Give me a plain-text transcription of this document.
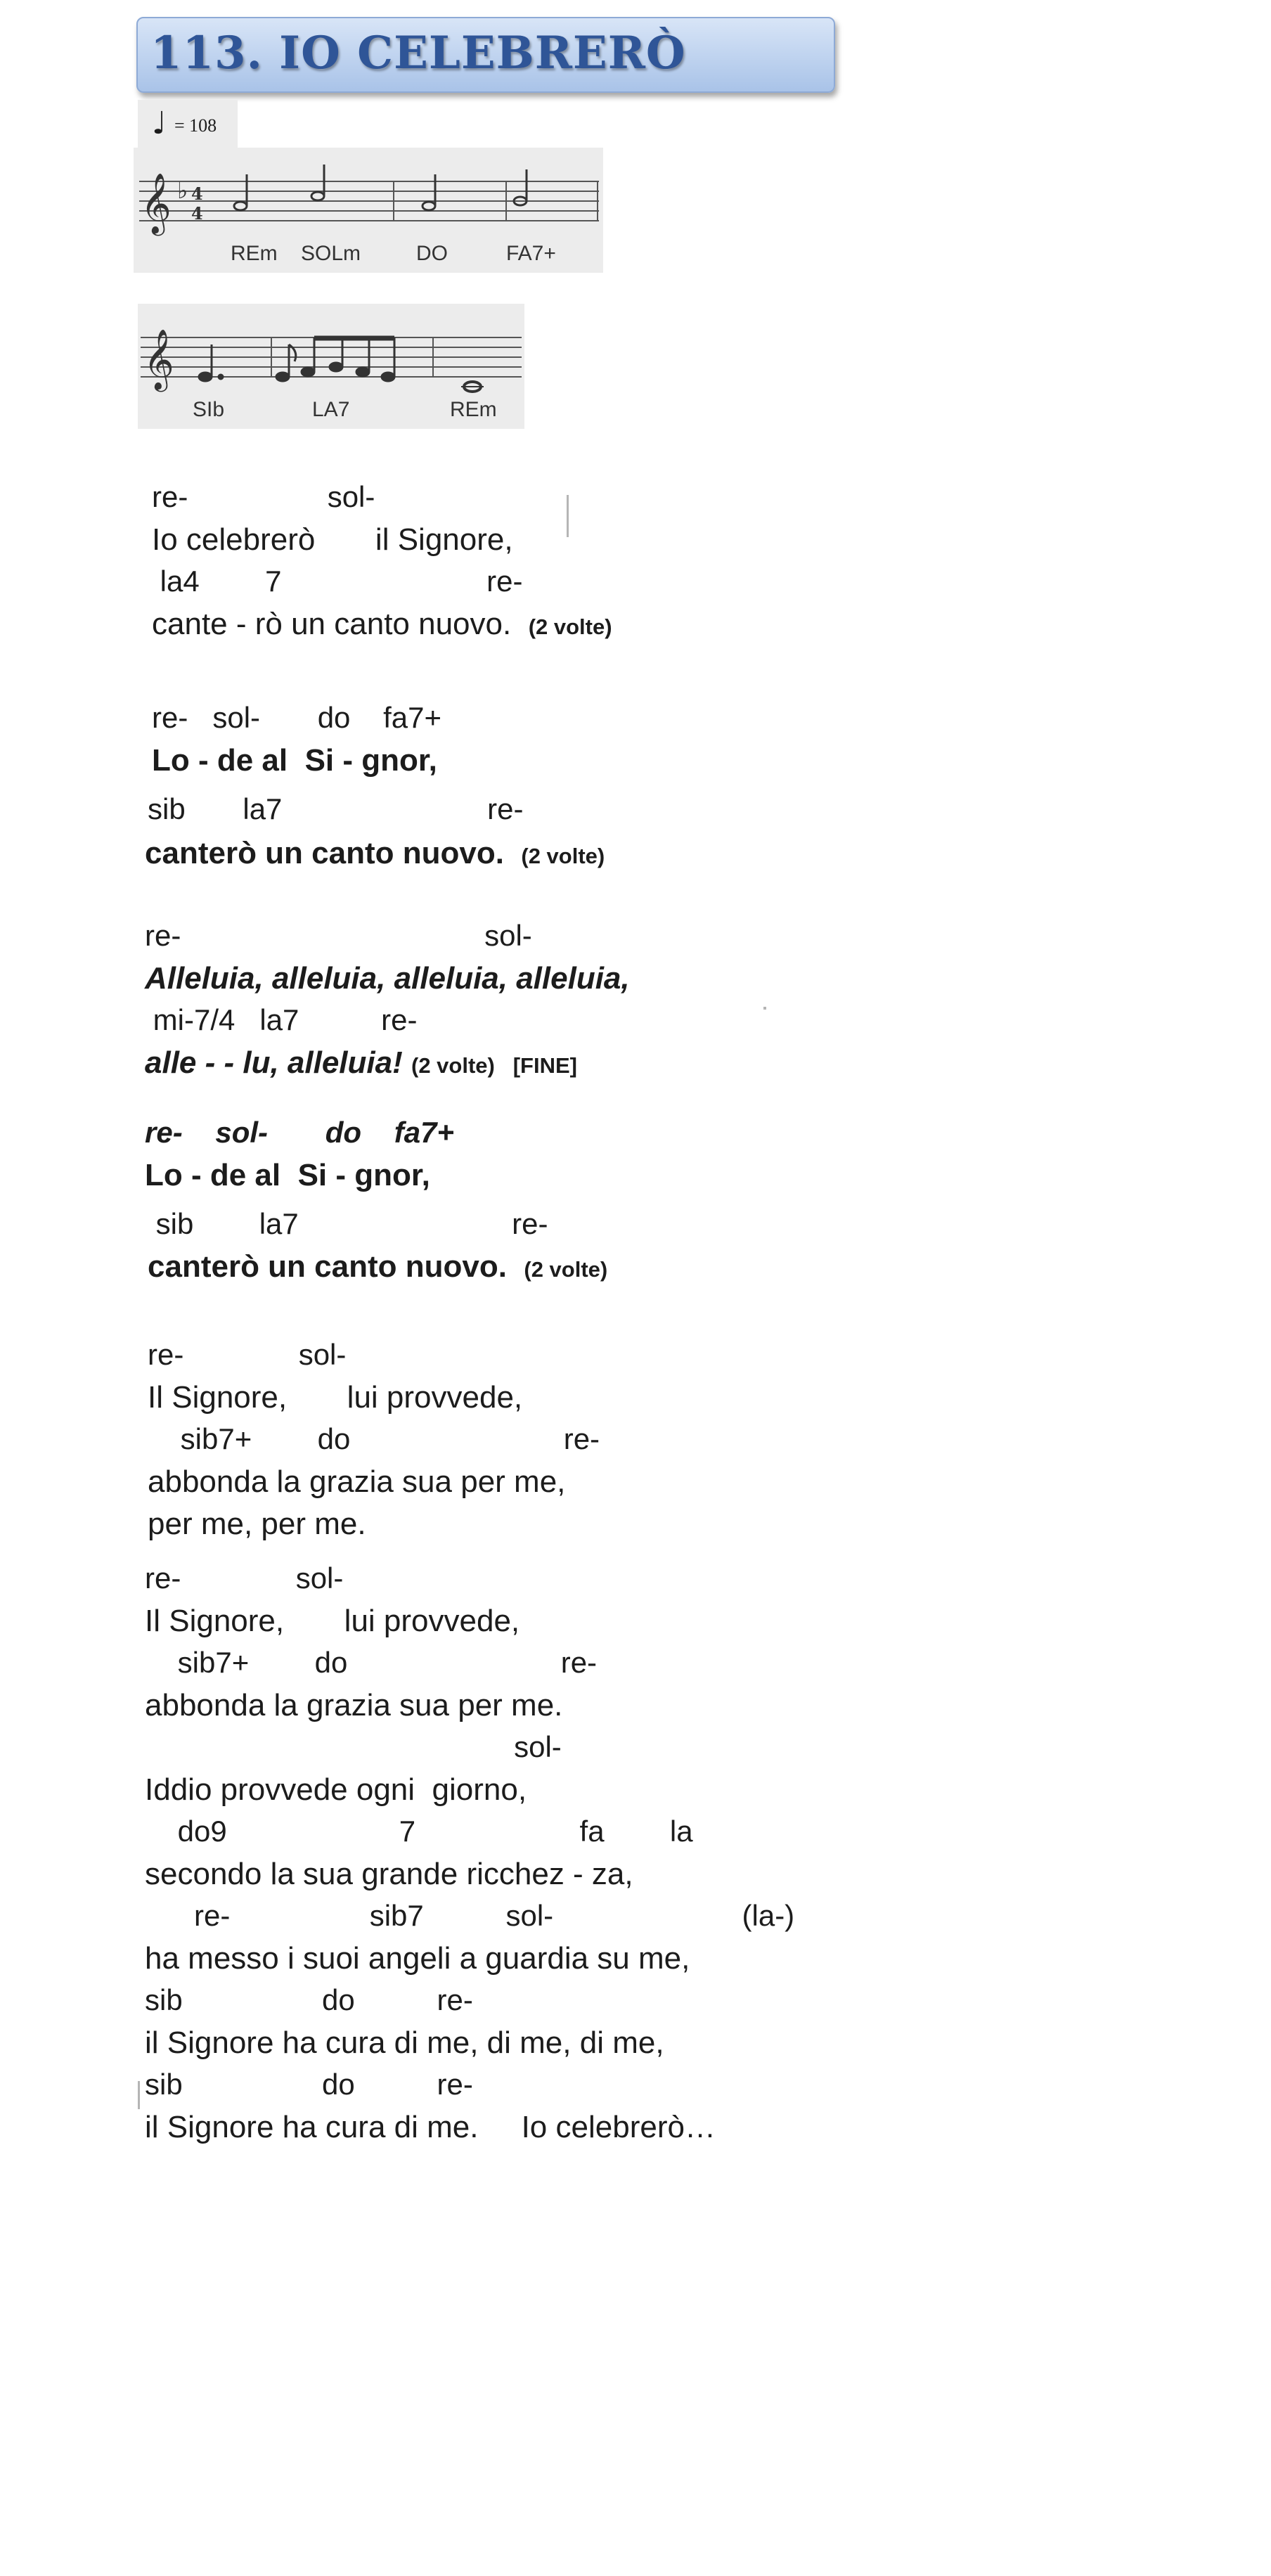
113. IO CELEBRERÒ
♩ = 108
𝄞 ♭ 4
4
REm SOLm	DO	FA7+
𝄞
SIb	LA7	REm
re-                 sol-
Io celebrerò       il Signore,
la4        7                         re-
cante - rò un canto nuovo. (2 volte)
re-   sol-       do    fa7+
Lo - de al  Si - gnor,
sib       la7                         re-
canterò un canto nuovo. (2 volte)
re-                                     sol-
Alleluia, alleluia, alleluia, alleluia,
mi-7/4   la7          re-
alle - - lu, alleluia! (2 volte)   [FINE]
re-    sol-       do    fa7+
Lo - de al  Si - gnor,
sib        la7                          re-
canterò un canto nuovo. (2 volte)
re-              sol-
Il Signore,       lui provvede,
sib7+        do                          re-
abbonda la grazia sua per me,
per me, per me.
re-              sol-
Il Signore,       lui provvede,
sib7+        do                          re-
abbonda la grazia sua per me.
sol-
Iddio provvede ogni  giorno,
do9                     7                    fa        la
secondo la sua grande ricchez - za,
re-                 sib7          sol-                       (la-)
ha messo i suoi angeli a guardia su me,
sib                 do          re-
il Signore ha cura di me, di me, di me,
sib                 do          re-
il Signore ha cura di me.     Io celebrerò…
